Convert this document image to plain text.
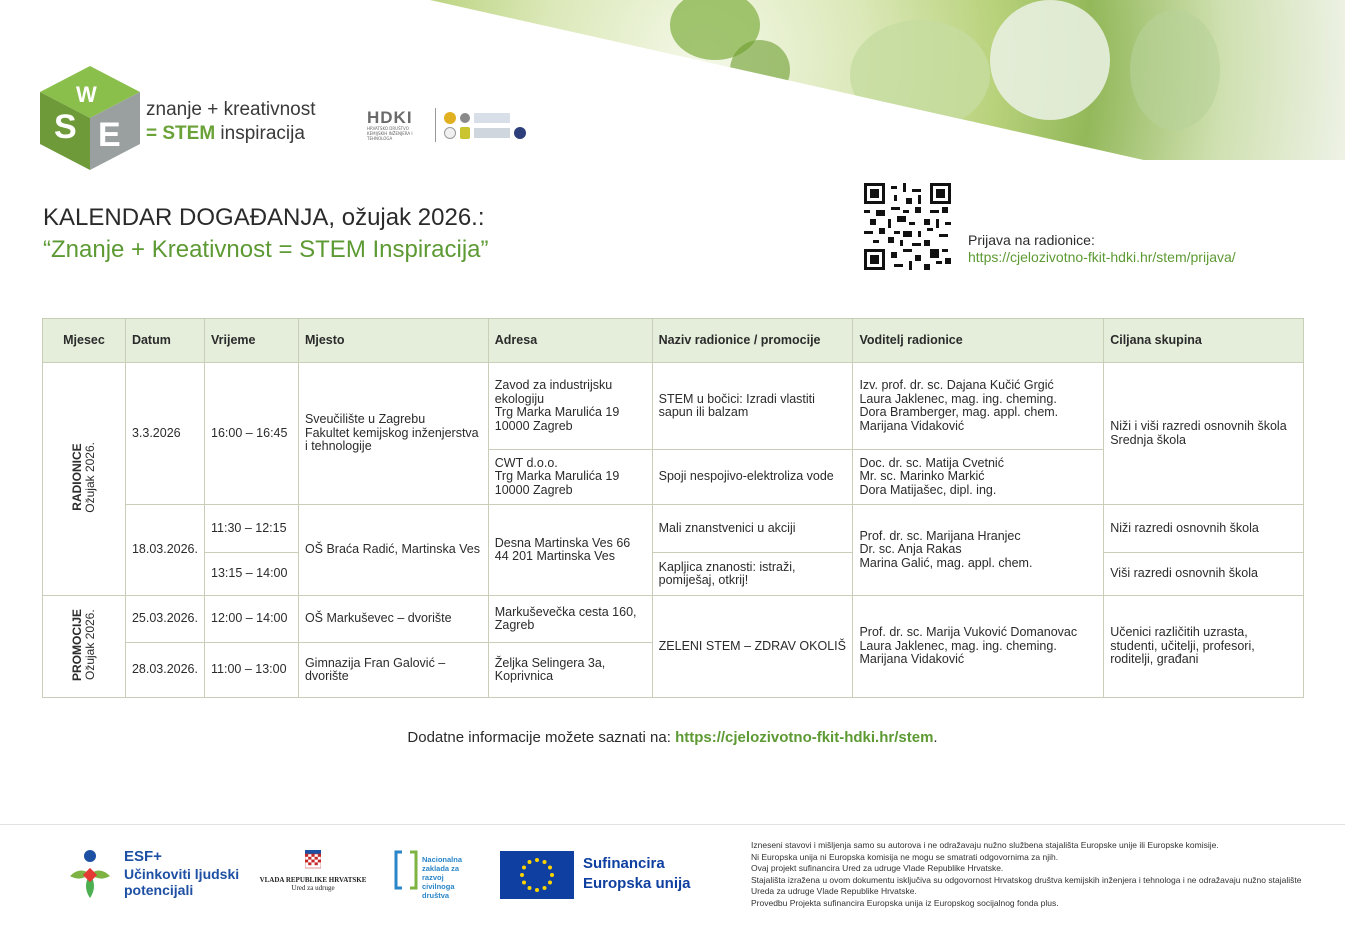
S E
W
znanje + kreativnost
= STEM inspiracija
HDKI
HRVATSKO DRUŠTVO KEMIJSKIH INŽENJERA I TEHNOLOGA
KALENDAR DOGAĐANJA, ožujak 2026.:
“Znanje + Kreativnost = STEM Inspiracija”	Prijava na radionice:
https://cjelozivotno-fkit-hdki.hr/stem/prijava/
Mjesec	Datum	Vrijeme	Mjesto	Adresa	Naziv radionice / promocije	Voditelj radionice	Ciljana skupina
RADIONICE
Ožujak 2026.	3.3.2026	16:00 – 16:45	Sveučilište u Zagrebu
Fakultet kemijskog inženjerstva i tehnologije	Zavod za industrijsku ekologiju
Trg Marka Marulića 19
10000 Zagreb	STEM u bočici: Izradi vlastiti sapun ili balzam	Izv. prof. dr. sc. Dajana Kučić Grgić
Laura Jaklenec, mag. ing. cheming.
Dora Bramberger, mag. appl. chem.
Marijana Vidaković	Niži i viši razredi osnovnih škola
Srednja škola

				CWT d.o.o.
Trg Marka Marulića 19
10000 Zagreb	Spoji nespojivo-elektroliza vode	Doc. dr. sc. Matija Cvetnić
Mr. sc. Marinko Markić
Dora Matijašec, dipl. ing.	

	18.03.2026.	11:30 – 12:15	OŠ Braća Radić, Martinska Ves	Desna Martinska Ves 66
44 201 Martinska Ves	Mali znanstvenici u akciji	Prof. dr. sc. Marijana Hranjec
Dr. sc. Anja Rakas
Marina Galić, mag. appl. chem.	Niži razredi osnovnih škola
		13:15 – 14:00			Kapljica znanosti: istraži, pomiješaj, otkrij!		Viši razredi osnovnih škola
PROMOCIJE
Ožujak 2026.	25.03.2026.	12:00 – 14:00	OŠ Markuševec – dvorište	Markuševečka cesta 160, Zagreb	ZELENI STEM – ZDRAV OKOLIŠ	Prof. dr. sc. Marija Vuković Domanovac
Laura Jaklenec, mag. ing. cheming.
Marijana Vidaković	Učenici različitih uzrasta, studenti, učitelji, profesori, roditelji, građani
	28.03.2026.	11:00 – 13:00	Gimnazija Fran Galović – dvorište	Željka Selingera 3a,
Koprivnica			
Dodatne informacije možete saznati na: https://cjelozivotno-fkit-hdki.hr/stem.
ESF+
Učinkoviti ljudski
potencijali
VLADA REPUBLIKE HRVATSKE
Ured za udruge
Nacionalna
zaklada za
razvoj
civilnoga
društva
Sufinancira
Europska unija
Izneseni stavovi i mišljenja samo su autorova i ne odražavaju nužno službena stajališta Europske unije ili Europske komisije.
Ni Europska unija ni Europska komisija ne mogu se smatrati odgovornima za njih.
Ovaj projekt sufinancira Ured za udruge Vlade Republike Hrvatske.
Stajališta izražena u ovom dokumentu isključiva su odgovornost Hrvatskog društva kemijskih inženjera i tehnologa i ne odražavaju nužno stajalište Ureda za udruge Vlade Republike Hrvatske.
Provedbu Projekta sufinancira Europska unija iz Europskog socijalnog fonda plus.
